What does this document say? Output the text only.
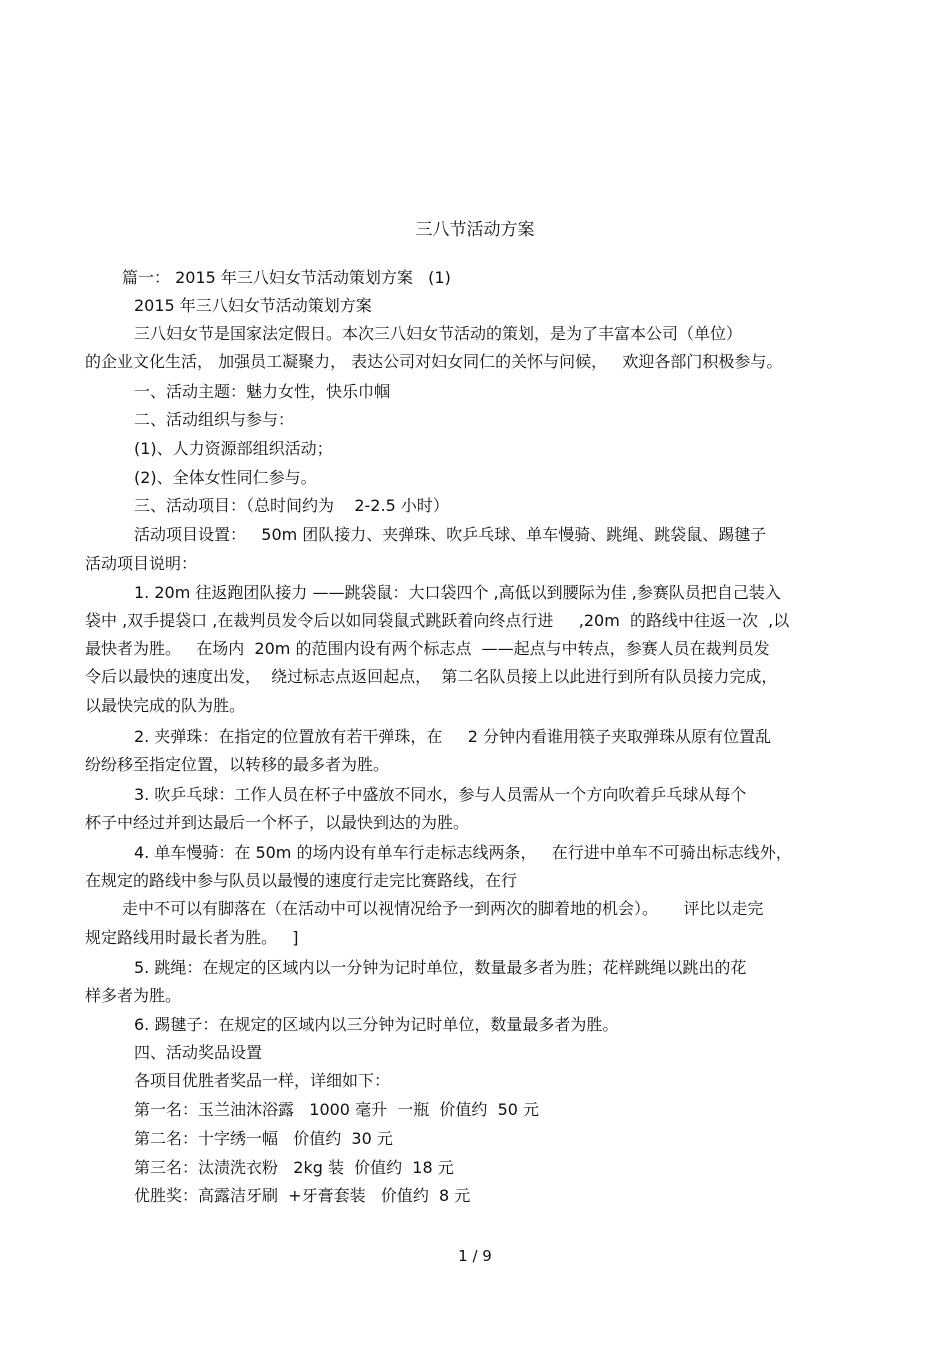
三八节活动方案
篇一： 2015 年三八妇女节活动策划方案   (1)
2015 年三八妇女节活动策划方案
三八妇女节是国家法定假日。本次三八妇女节活动的策划，是为了丰富本公司（单位）
的企业文化生活， 加强员工凝聚力， 表达公司对妇女同仁的关怀与问候，   欢迎各部门积极参与。
一、活动主题：魅力女性，快乐巾帼
二、活动组织与参与：
(1)、人力资源部组织活动；
(2)、全体女性同仁参与。
三、活动项目：（总时间约为    2-2.5 小时）
活动项目设置：   50m 团队接力、夹弹珠、吹乒乓球、单车慢骑、跳绳、跳袋鼠、踢毽子
活动项目说明：
1. 20m 往返跑团队接力 ——跳袋鼠：大口袋四个 ,高低以到腰际为佳 ,参赛队员把自己装入
袋中 ,双手提袋口 ,在裁判员发令后以如同袋鼠式跳跃着向终点行进     ,20m  的路线中往返一次  ,以
最快者为胜。   在场内  20m 的范围内设有两个标志点  ——起点与中转点，参赛人员在裁判员发
令后以最快的速度出发，  绕过标志点返回起点，  第二名队员接上以此进行到所有队员接力完成，
以最快完成的队为胜。
2. 夹弹珠：在指定的位置放有若干弹珠，在     2 分钟内看谁用筷子夹取弹珠从原有位置乱
纷纷移至指定位置，以转移的最多者为胜。
3. 吹乒乓球：工作人员在杯子中盛放不同水，参与人员需从一个方向吹着乒乓球从每个
杯子中经过并到达最后一个杯子，以最快到达的为胜。
4. 单车慢骑：在 50m 的场内设有单车行走标志线两条，   在行进中单车不可骑出标志线外，
在规定的路线中参与队员以最慢的速度行走完比赛路线，在行
走中不可以有脚落在（在活动中可以视情况给予一到两次的脚着地的机会）。     评比以走完
规定路线用时最长者为胜。   ]
5. 跳绳：在规定的区域内以一分钟为记时单位，数量最多者为胜；花样跳绳以跳出的花
样多者为胜。
6. 踢毽子：在规定的区域内以三分钟为记时单位，数量最多者为胜。
四、活动奖品设置
各项目优胜者奖品一样，详细如下：
第一名：玉兰油沐浴露   1000 毫升  一瓶  价值约  50 元
第二名：十字绣一幅   价值约  30 元
第三名：汰渍洗衣粉   2kg 装  价值约  18 元
优胜奖：高露洁牙刷  +牙膏套装   价值约  8 元
1 / 9
